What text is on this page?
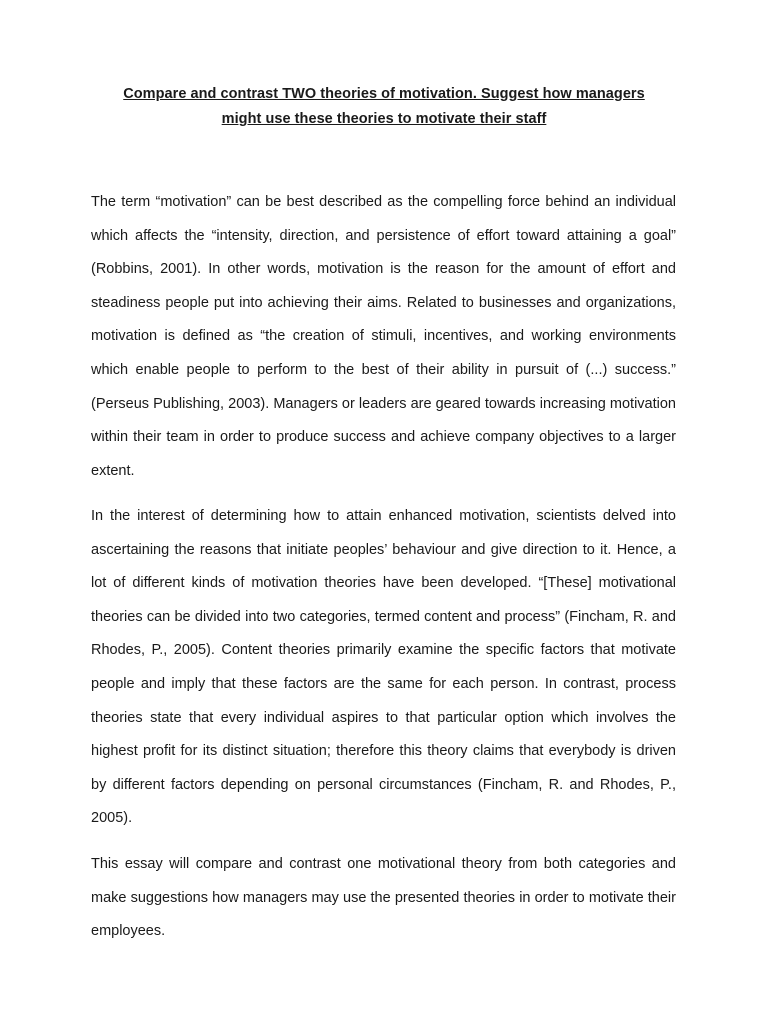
Compare and contrast TWO theories of motivation. Suggest how managers
might use these theories to motivate their staff
The term “motivation” can be best described as the compelling force behind an individual which affects the “intensity, direction, and persistence of effort toward attaining a goal” (Robbins, 2001). In other words, motivation is the reason for the amount of effort and steadiness people put into achieving their aims. Related to businesses and organizations, motivation is defined as “the creation of stimuli, incentives, and working environments which enable people to perform to the best of their ability in pursuit of (...) success.” (Perseus Publishing, 2003). Managers or leaders are geared towards increasing motivation within their team in order to produce success and achieve company objectives to a larger extent.
In the interest of determining how to attain enhanced motivation, scientists delved into ascertaining the reasons that initiate peoples’ behaviour and give direction to it. Hence, a lot of different kinds of motivation theories have been developed. “[These] motivational theories can be divided into two categories, termed content and process” (Fincham, R. and Rhodes, P., 2005). Content theories primarily examine the specific factors that motivate people and imply that these factors are the same for each person. In contrast, process theories state that every individual aspires to that particular option which involves the highest profit for its distinct situation; therefore this theory claims that everybody is driven by different factors depending on personal circumstances (Fincham, R. and Rhodes, P., 2005).
This essay will compare and contrast one motivational theory from both categories and make suggestions how managers may use the presented theories in order to motivate their employees.
